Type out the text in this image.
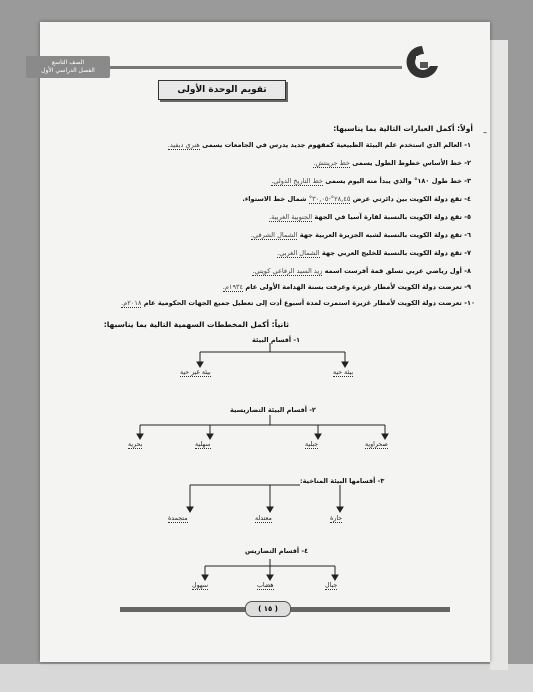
الصف التاسع
الفصل الدراسي الأول
تقويم الوحدة الأولى
–
أولاً: أكمل العبارات التالية بما يناسبها:
١- العالم الذي استخدم علم البيئة الطبيعية كمفهوم جديد يدرس في الجامعات يسمى هنري ديفيد.
٢- خط الأساس خطوط الطول يسمى خط جرينتش.
٣- خط طول ١٨٠° والذي يبدأ منه اليوم يسمى خط التاريخ الدولي.
٤- تقع دولة الكويت بين دائرتي عرض ٢٨,٤٥°-٣٠,٠٥° شمال خط الاستواء.
٥- تقع دولة الكويت بالنسبة لقارة آسيا في الجهة الجنوبية الغربية.
٦- تقع دولة الكويت بالنسبة لشبه الجزيرة العربية جهة الشمال الشرقي.
٧- تقع دولة الكويت بالنسبة للخليج العربي جهة الشمال الغربي.
٨- أول رياضي عربي تسلق قمة أفرست اسمه زيد السيد الرفاعي كويتي.
٩- تعرضت دولة الكويت لأمطار غزيرة وعرفت بسنة الهدامة الأولى عام ١٩٣٤م.
١٠- تعرضت دولة الكويت لأمطار غزيرة استمرت لمدة أسبوع أدت إلى تعطيل جميع الجهات الحكومية عام ٢٠١٨م.
ثانياً: أكمل المخططات السهمية التالية بما يناسبها:
١- أقسام البيئة
بيئة حية
بيئة غير حية
٢- أقسام البيئة التضاريسية
صحراوية
جبلية
سهلية
بحرية
٣- أقسامها البيئة المناخية:
حارة
معتدلة
متجمدة
٤- أقسام التضاريس
جبال
هضاب
سهول
( ١٥ )
